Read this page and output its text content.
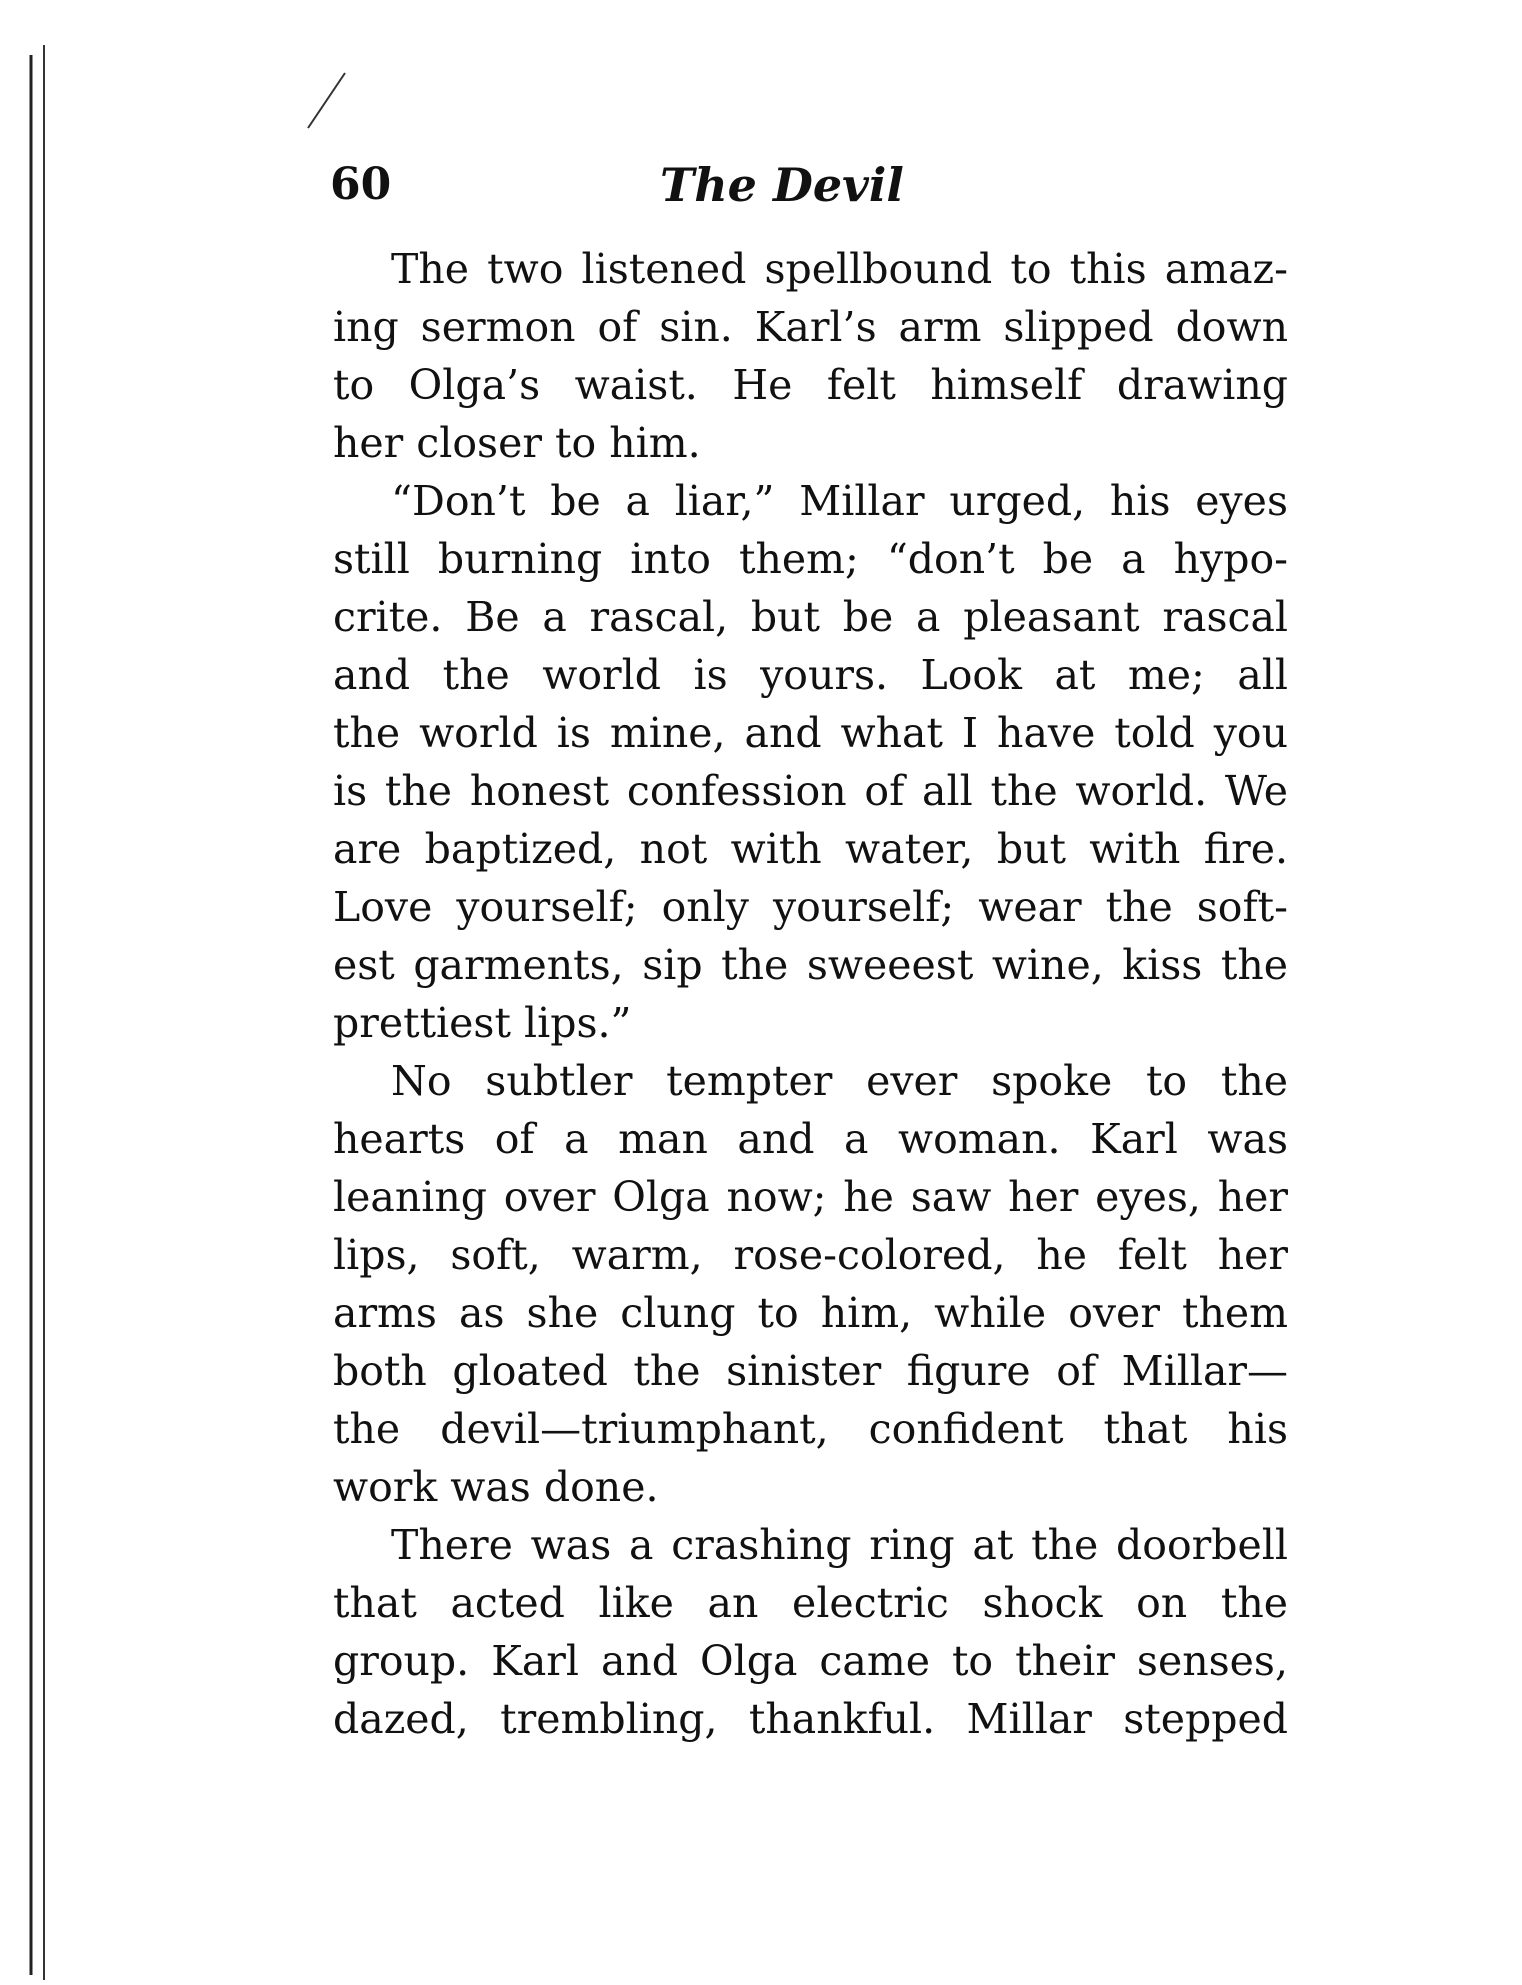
60	The Devil
The two listened spellbound to this amaz-
ing sermon of sin. Karl’s arm slipped down
to Olga’s waist. He felt himself drawing
her closer to him.
“Don’t be a liar,” Millar urged, his eyes
still burning into them; “don’t be a hypo-
crite. Be a rascal, but be a pleasant rascal
and the world is yours. Look at me; all
the world is mine, and what I have told you
is the honest confession of all the world. We
are baptized, not with water, but with fire.
Love yourself; only yourself; wear the soft-
est garments, sip the sweeest wine, kiss the
prettiest lips.”
No subtler tempter ever spoke to the
hearts of a man and a woman. Karl was
leaning over Olga now; he saw her eyes, her
lips, soft, warm, rose-colored, he felt her
arms as she clung to him, while over them
both gloated the sinister figure of Millar—
the devil—triumphant, confident that his
work was done.
There was a crashing ring at the doorbell
that acted like an electric shock on the
group. Karl and Olga came to their senses,
dazed, trembling, thankful. Millar stepped
